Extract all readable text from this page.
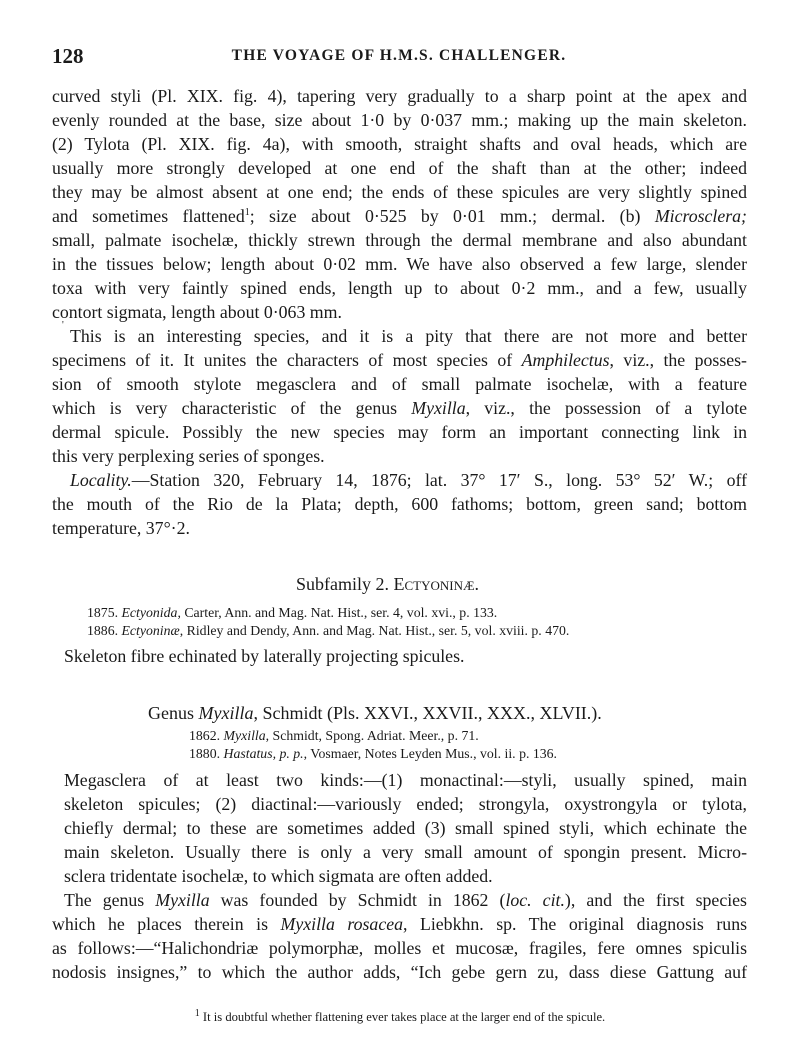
128	THE VOYAGE OF H.M.S. CHALLENGER.
curved styli (Pl. XIX. fig. 4), tapering very gradually to a sharp point at the apex and
evenly rounded at the base, size about 1·0 by 0·037 mm.; making up the main skeleton.
(2) Tylota (Pl. XIX. fig. 4a), with smooth, straight shafts and oval heads, which are
usually more strongly developed at one end of the shaft than at the other; indeed
they may be almost absent at one end; the ends of these spicules are very slightly spined
and sometimes flattened$^1$; size about 0·525 by 0·01 mm.; dermal. (b) Microsclera;
small, palmate isochelæ, thickly strewn through the dermal membrane and also abundant
in the tissues below; length about 0·02 mm. We have also observed a few large, slender
toxa with very faintly spined ends, length up to about 0·2 mm., and a few, usually
contort sigmata, length about 0·063 mm.
'
This is an interesting species, and it is a pity that there are not more and better
specimens of it. It unites the characters of most species of Amphilectus, viz., the posses-
sion of smooth stylote megasclera and of small palmate isochelæ, with a feature
which is very characteristic of the genus Myxilla, viz., the possession of a tylote
dermal spicule. Possibly the new species may form an important connecting link in
this very perplexing series of sponges.
Locality.—Station 320, February 14, 1876; lat. 37° 17′ S., long. 53° 52′ W.; off
the mouth of the Rio de la Plata; depth, 600 fathoms; bottom, green sand; bottom
temperature, 37°·2.
Subfamily 2. Ectyoninæ.
1875. Ectyonida, Carter, Ann. and Mag. Nat. Hist., ser. 4, vol. xvi., p. 133.
1886. Ectyoninæ, Ridley and Dendy, Ann. and Mag. Nat. Hist., ser. 5, vol. xviii. p. 470.
Skeleton fibre echinated by laterally projecting spicules.
Genus Myxilla, Schmidt (Pls. XXVI., XXVII., XXX., XLVII.).
1862. Myxilla, Schmidt, Spong. Adriat. Meer., p. 71.
1880. Hastatus, p. p., Vosmaer, Notes Leyden Mus., vol. ii. p. 136.
Megasclera of at least two kinds:—(1) monactinal:—styli, usually spined, main
skeleton spicules; (2) diactinal:—variously ended; strongyla, oxystrongyla or tylota,
chiefly dermal; to these are sometimes added (3) small spined styli, which echinate the
main skeleton. Usually there is only a very small amount of spongin present. Micro-
sclera tridentate isochelæ, to which sigmata are often added.
The genus Myxilla was founded by Schmidt in 1862 (loc. cit.), and the first species
which he places therein is Myxilla rosacea, Liebkhn. sp. The original diagnosis runs
as follows:—“Halichondriæ polymorphæ, molles et mucosæ, fragiles, fere omnes spiculis
nodosis insignes,” to which the author adds, “Ich gebe gern zu, dass diese Gattung auf
$^1$ It is doubtful whether flattening ever takes place at the larger end of the spicule.
